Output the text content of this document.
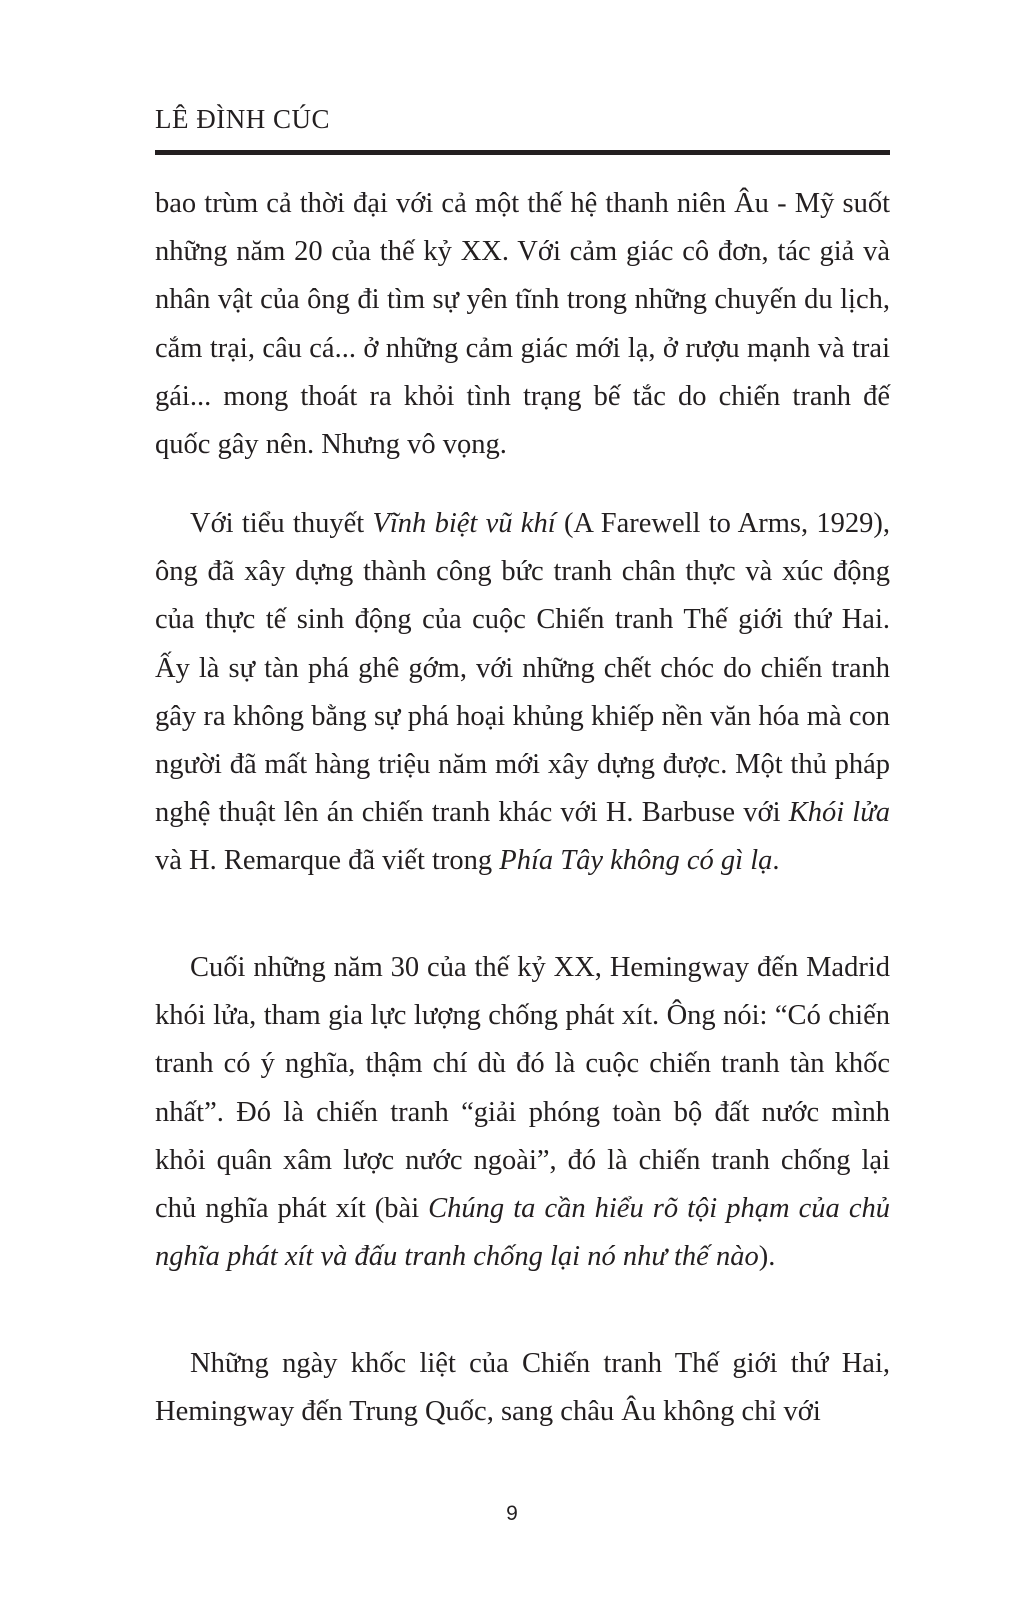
LÊ ĐÌNH CÚC

bao trùm cả thời đại với cả một thế hệ thanh niên Âu - Mỹ suốt những năm 20 của thế kỷ XX. Với cảm giác cô đơn, tác giả và nhân vật của ông đi tìm sự yên tĩnh trong những chuyến du lịch, cắm trại, câu cá... ở những cảm giác mới lạ, ở rượu mạnh và trai gái... mong thoát ra khỏi tình trạng bế tắc do chiến tranh đế quốc gây nên. Nhưng vô vọng.

Với tiểu thuyết Vĩnh biệt vũ khí (A Farewell to Arms, 1929), ông đã xây dựng thành công bức tranh chân thực và xúc động của thực tế sinh động của cuộc Chiến tranh Thế giới thứ Hai. Ấy là sự tàn phá ghê gớm, với những chết chóc do chiến tranh gây ra không bằng sự phá hoại khủng khiếp nền văn hóa mà con người đã mất hàng triệu năm mới xây dựng được. Một thủ pháp nghệ thuật lên án chiến tranh khác với H. Barbuse với Khói lửa và H. Remarque đã viết trong Phía Tây không có gì lạ.

Cuối những năm 30 của thế kỷ XX, Hemingway đến Madrid khói lửa, tham gia lực lượng chống phát xít. Ông nói: “Có chiến tranh có ý nghĩa, thậm chí dù đó là cuộc chiến tranh tàn khốc nhất”. Đó là chiến tranh “giải phóng toàn bộ đất nước mình khỏi quân xâm lược nước ngoài”, đó là chiến tranh chống lại chủ nghĩa phát xít (bài Chúng ta cần hiểu rõ tội phạm của chủ nghĩa phát xít và đấu tranh chống lại nó như thế nào).

Những ngày khốc liệt của Chiến tranh Thế giới thứ Hai, Hemingway đến Trung Quốc, sang châu Âu không chỉ với

9
